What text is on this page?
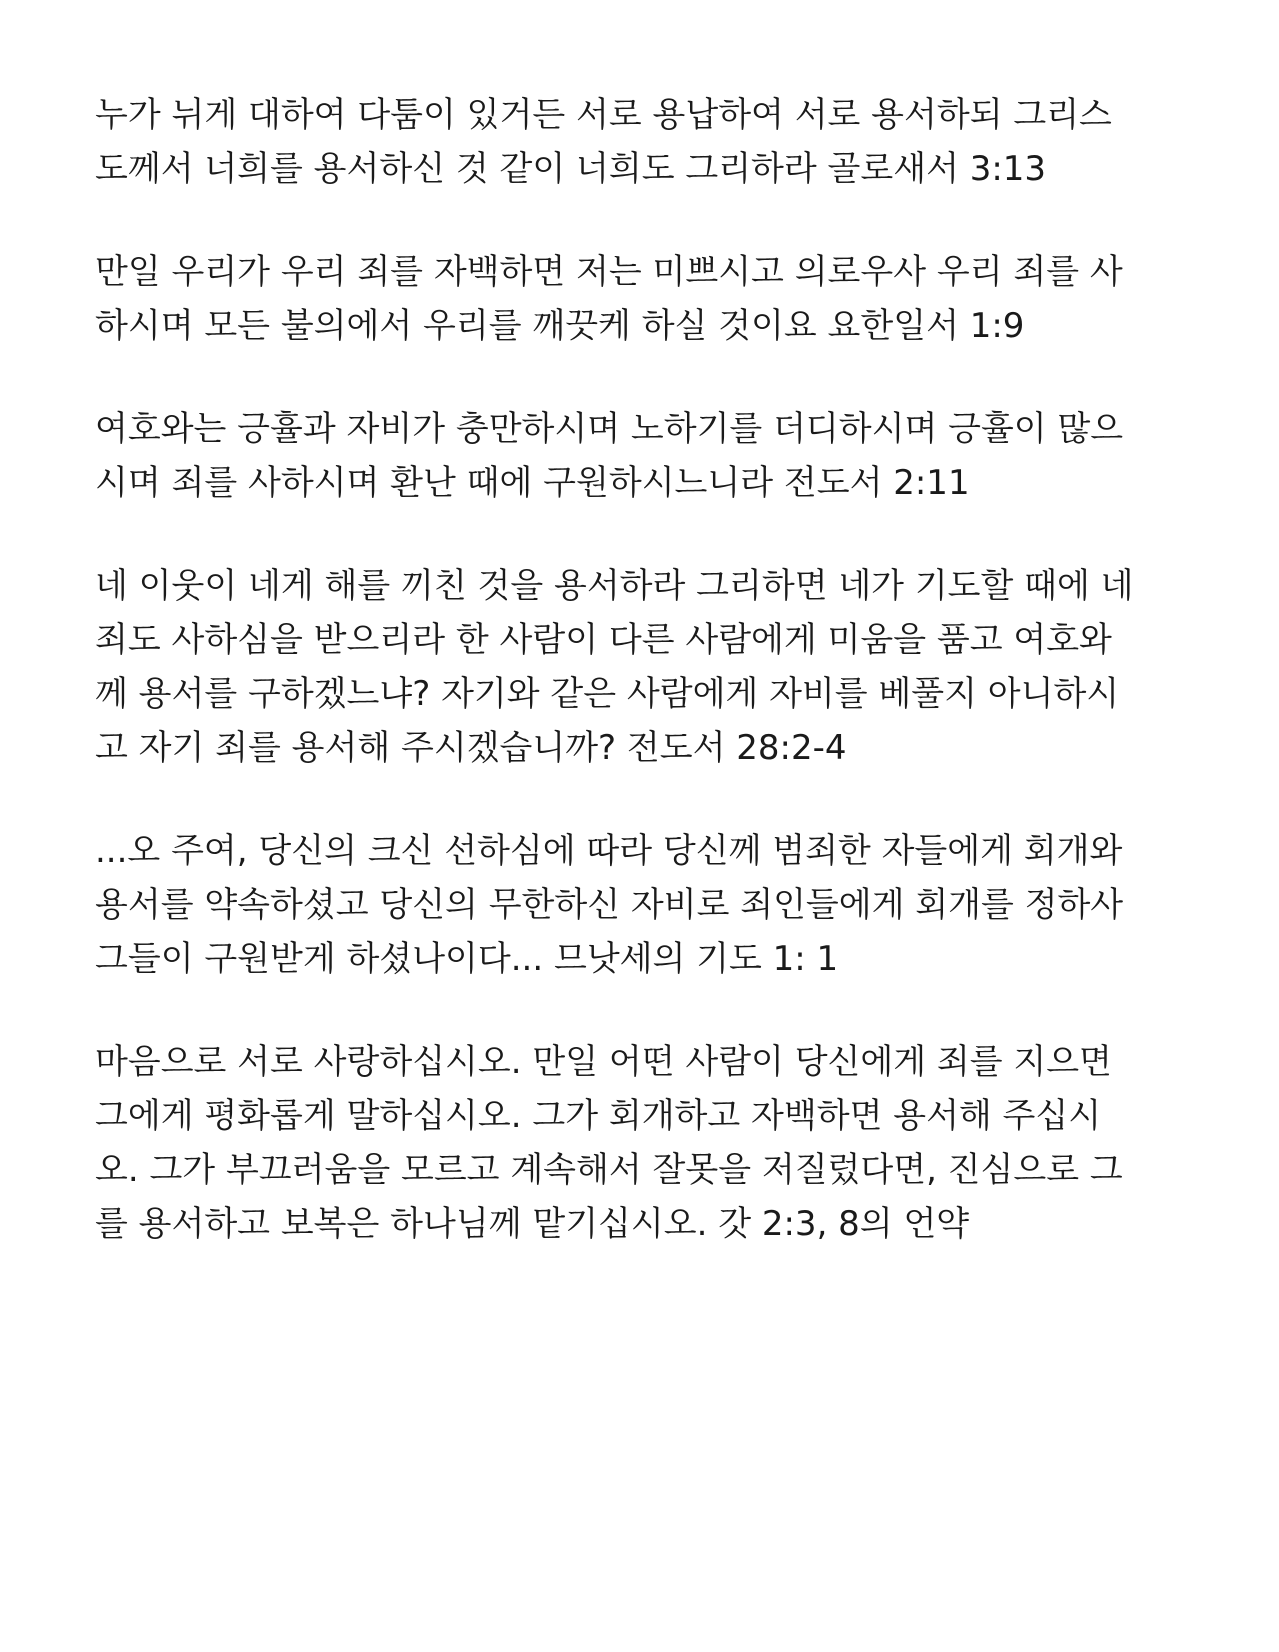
누가 뉘게 대하여 다툼이 있거든 서로 용납하여 서로 용서하되 그리스
도께서 너희를 용서하신 것 같이 너희도 그리하라 골로새서 3:13

만일 우리가 우리 죄를 자백하면 저는 미쁘시고 의로우사 우리 죄를 사
하시며 모든 불의에서 우리를 깨끗케 하실 것이요 요한일서 1:9

여호와는 긍휼과 자비가 충만하시며 노하기를 더디하시며 긍휼이 많으
시며 죄를 사하시며 환난 때에 구원하시느니라 전도서 2:11

네 이웃이 네게 해를 끼친 것을 용서하라 그리하면 네가 기도할 때에 네
죄도 사하심을 받으리라 한 사람이 다른 사람에게 미움을 품고 여호와
께 용서를 구하겠느냐? 자기와 같은 사람에게 자비를 베풀지 아니하시
고 자기 죄를 용서해 주시겠습니까? 전도서 28:2-4

...오 주여, 당신의 크신 선하심에 따라 당신께 범죄한 자들에게 회개와
용서를 약속하셨고 당신의 무한하신 자비로 죄인들에게 회개를 정하사
그들이 구원받게 하셨나이다... 므낫세의 기도 1: 1

마음으로 서로 사랑하십시오. 만일 어떤 사람이 당신에게 죄를 지으면
그에게 평화롭게 말하십시오. 그가 회개하고 자백하면 용서해 주십시
오. 그가 부끄러움을 모르고 계속해서 잘못을 저질렀다면, 진심으로 그
를 용서하고 보복은 하나님께 맡기십시오. 갓 2:3, 8의 언약
